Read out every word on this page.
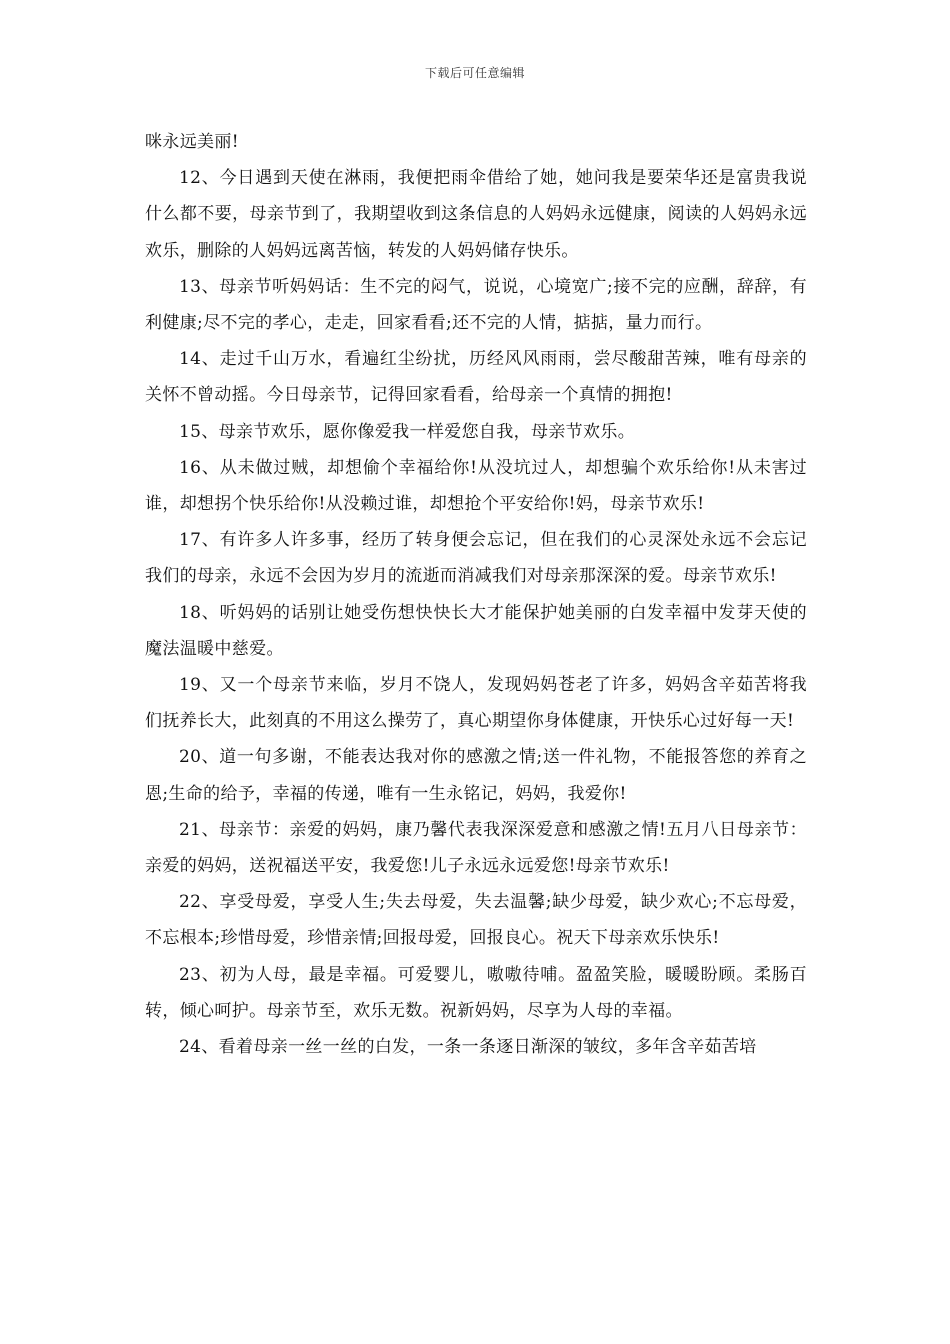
下载后可任意编辑

咪永远美丽!

12、今日遇到天使在淋雨，我便把雨伞借给了她，她问我是要荣华还是富贵我说什么都不要，母亲节到了，我期望收到这条信息的人妈妈永远健康，阅读的人妈妈永远欢乐，删除的人妈妈远离苦恼，转发的人妈妈储存快乐。

13、母亲节听妈妈话：生不完的闷气，说说，心境宽广;接不完的应酬，辞辞，有利健康;尽不完的孝心，走走，回家看看;还不完的人情，掂掂，量力而行。

14、走过千山万水，看遍红尘纷扰，历经风风雨雨，尝尽酸甜苦辣，唯有母亲的关怀不曾动摇。今日母亲节，记得回家看看，给母亲一个真情的拥抱!

15、母亲节欢乐，愿你像爱我一样爱您自我，母亲节欢乐。

16、从未做过贼，却想偷个幸福给你!从没坑过人，却想骗个欢乐给你!从未害过谁，却想拐个快乐给你!从没赖过谁，却想抢个平安给你!妈，母亲节欢乐!

17、有许多人许多事，经历了转身便会忘记，但在我们的心灵深处永远不会忘记我们的母亲，永远不会因为岁月的流逝而消减我们对母亲那深深的爱。母亲节欢乐!

18、听妈妈的话别让她受伤想快快长大才能保护她美丽的白发幸福中发芽天使的魔法温暖中慈爱。

19、又一个母亲节来临，岁月不饶人，发现妈妈苍老了许多，妈妈含辛茹苦将我们抚养长大，此刻真的不用这么操劳了，真心期望你身体健康，开快乐心过好每一天!

20、道一句多谢，不能表达我对你的感激之情;送一件礼物，不能报答您的养育之恩;生命的给予，幸福的传递，唯有一生永铭记，妈妈，我爱你!

21、母亲节：亲爱的妈妈，康乃馨代表我深深爱意和感激之情!五月八日母亲节：亲爱的妈妈，送祝福送平安，我爱您!儿子永远永远爱您!母亲节欢乐!

22、享受母爱，享受人生;失去母爱，失去温馨;缺少母爱，缺少欢心;不忘母爱，不忘根本;珍惜母爱，珍惜亲情;回报母爱，回报良心。祝天下母亲欢乐快乐!

23、初为人母，最是幸福。可爱婴儿，嗷嗷待哺。盈盈笑脸，暖暖盼顾。柔肠百转，倾心呵护。母亲节至，欢乐无数。祝新妈妈，尽享为人母的幸福。

24、看着母亲一丝一丝的白发，一条一条逐日渐深的皱纹，多年含辛茹苦培
